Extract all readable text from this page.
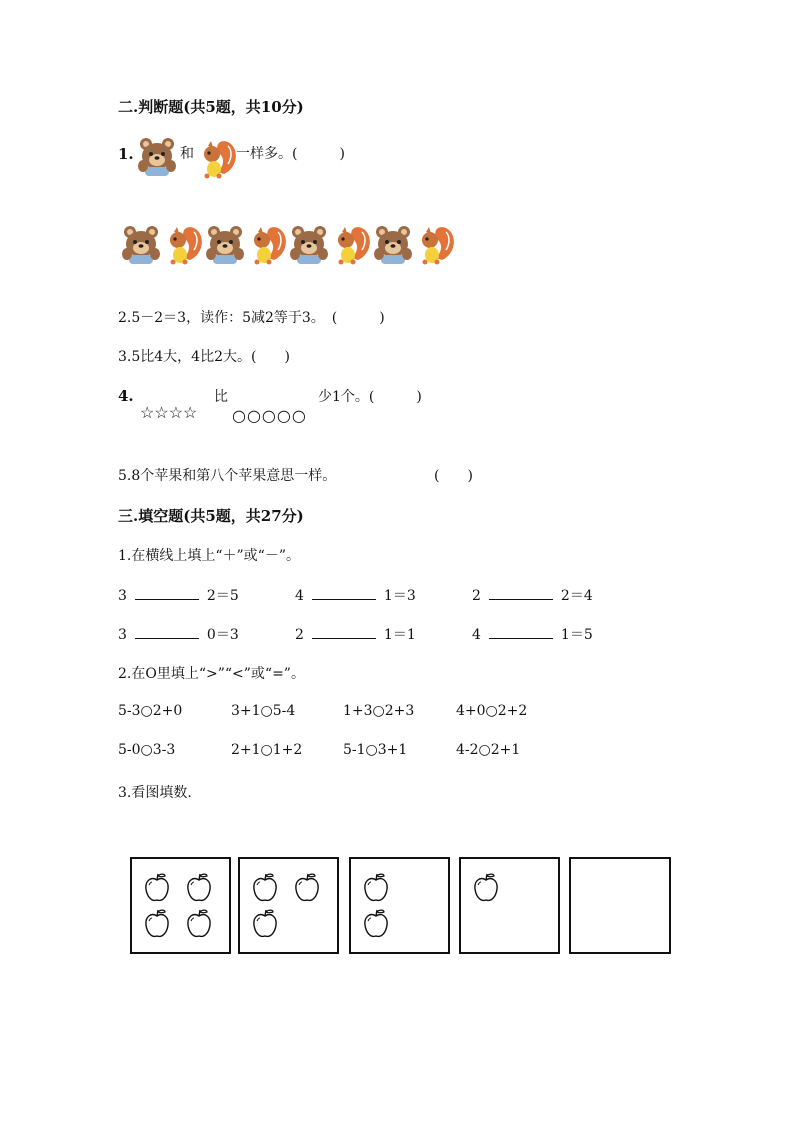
二.判断题(共5题，共10分)
1.	和	一样多。(　　　)
2.5－2＝3，读作：5减2等于3。　(　　　)
3.5比4大，4比2大。(　　)
4.
☆☆☆☆
比
○○○○○
少1个。(　　　)
5.8个苹果和第八个苹果意思一样。	(　　)
三.填空题(共5题，共27分)
1.在横线上填上“＋”或“－”。
3	2＝5	4	1＝3	2	2＝4
3	0＝3	2	1＝1	4	1＝5
2.在O里填上“>”“<”或“=”。
5-3○2+0	3+1○5-4	1+3○2+3	4+0○2+2
5-0○3-3	2+1○1+2	5-1○3+1	4-2○2+1
3.看图填数.
